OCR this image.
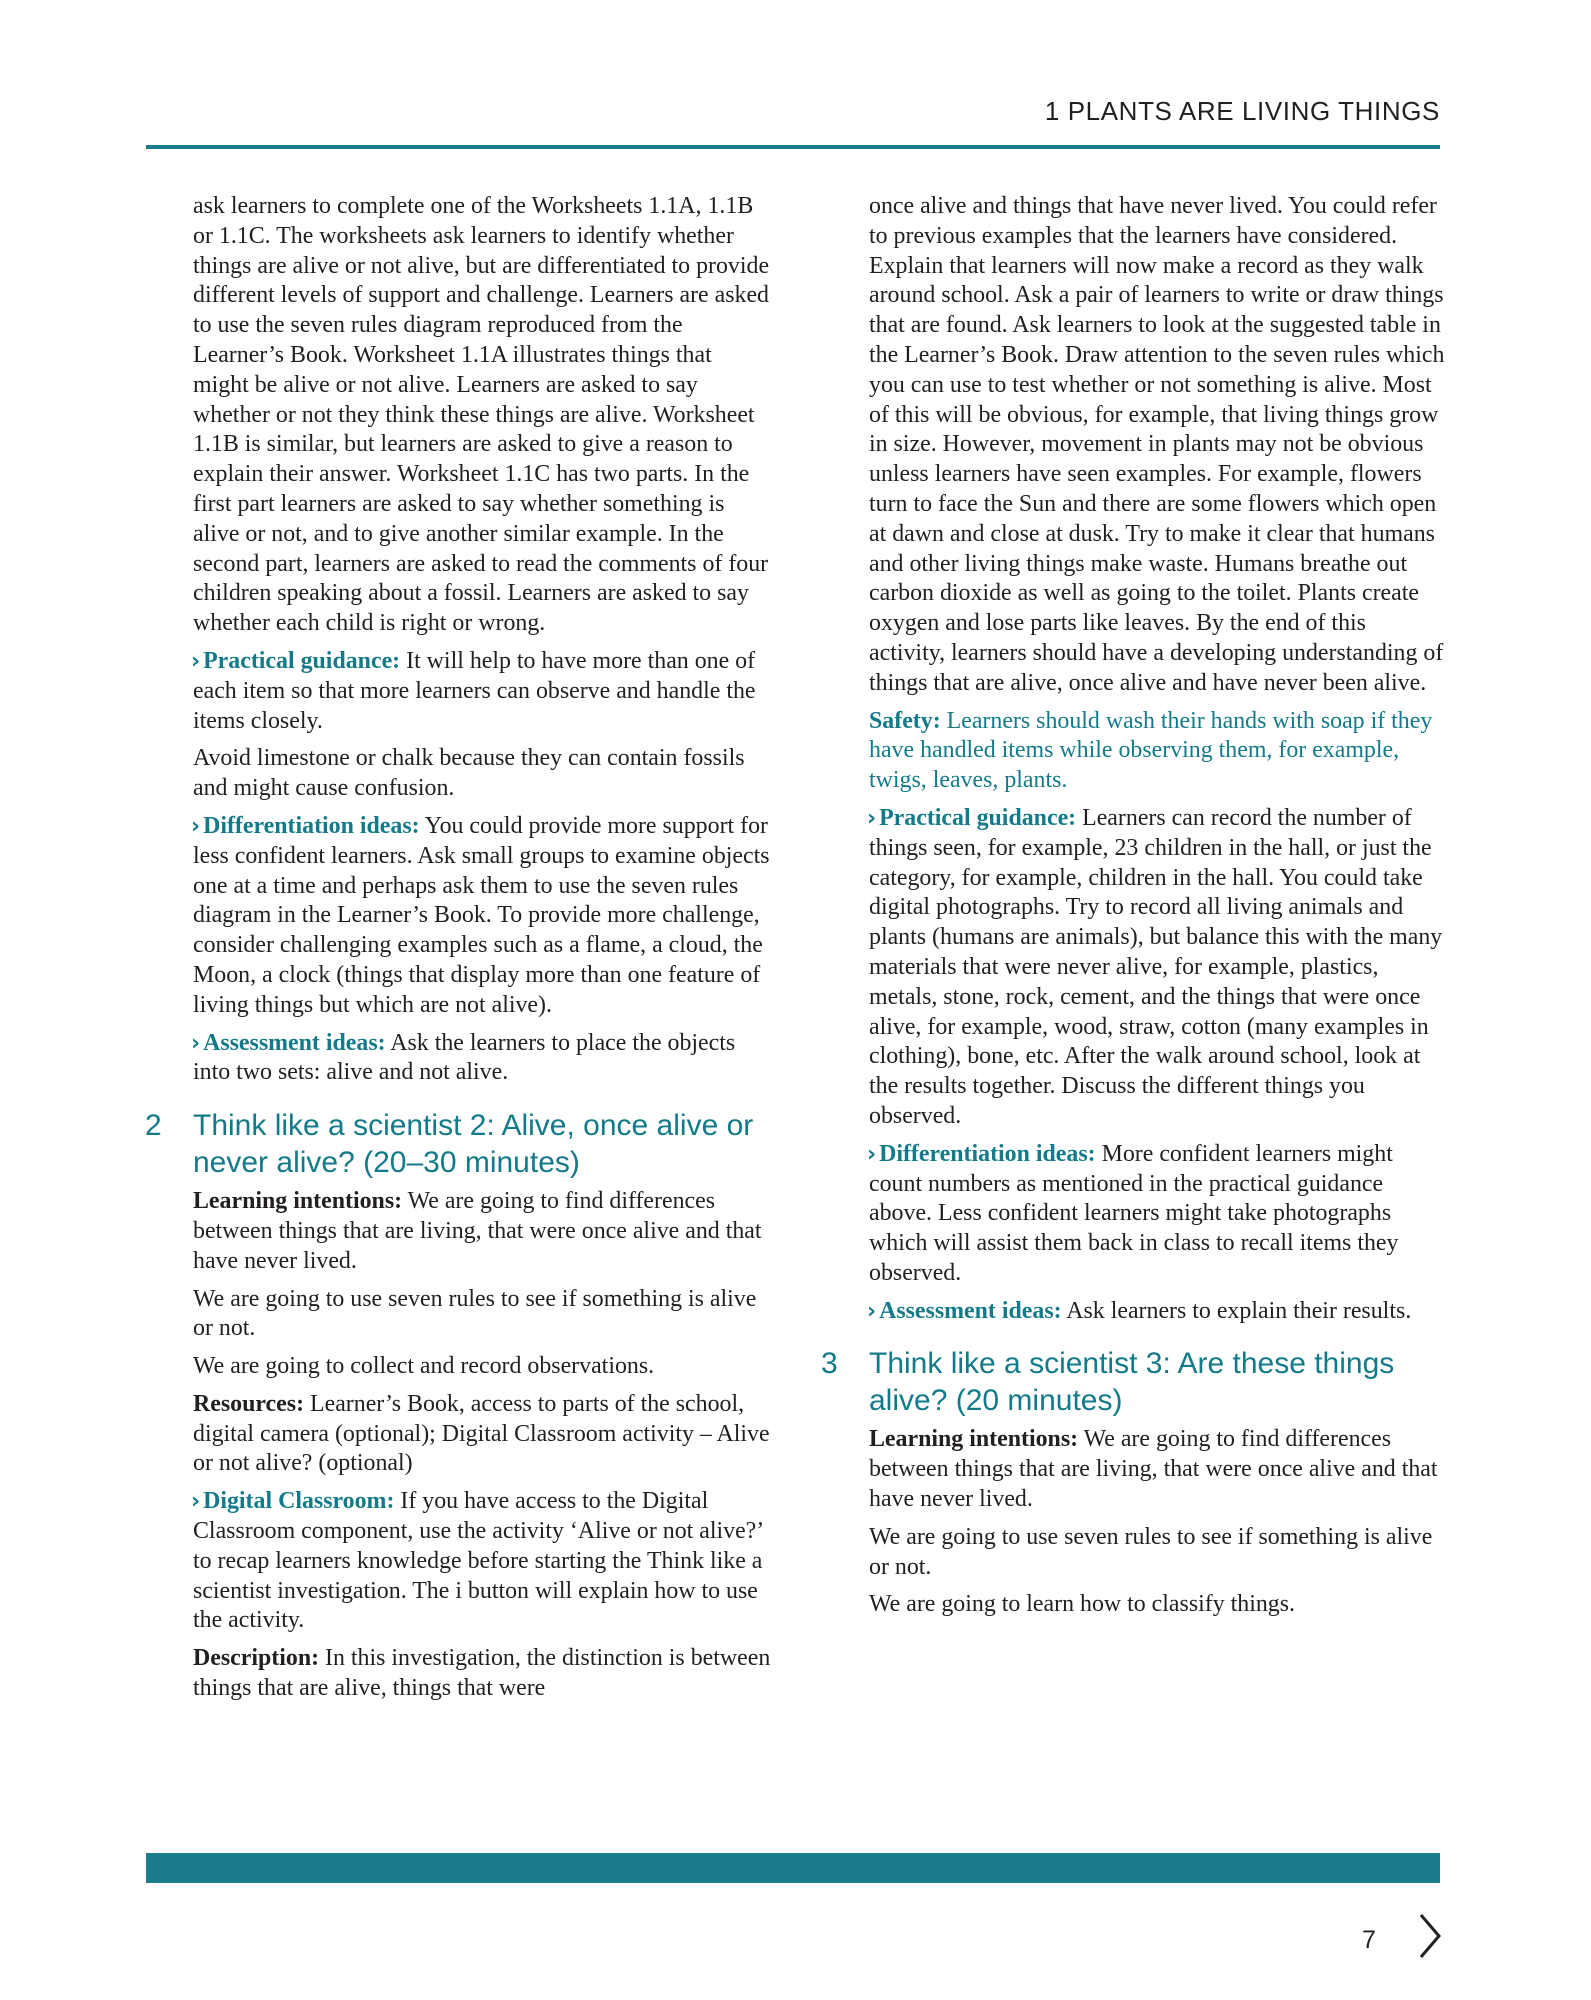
1 PLANTS ARE LIVING THINGS

ask learners to complete one of the Worksheets 1.1A, 1.1B or 1.1C. The worksheets ask learners to identify whether things are alive or not alive, but are differentiated to provide different levels of support and challenge. Learners are asked to use the seven rules diagram reproduced from the Learner’s Book. Worksheet 1.1A illustrates things that might be alive or not alive. Learners are asked to say whether or not they think these things are alive. Worksheet 1.1B is similar, but learners are asked to give a reason to explain their answer. Worksheet 1.1C has two parts. In the first part learners are asked to say whether something is alive or not, and to give another similar example. In the second part, learners are asked to read the comments of four children speaking about a fossil. Learners are asked to say whether each child is right or wrong.

› Practical guidance: It will help to have more than one of each item so that more learners can observe and handle the items closely.

Avoid limestone or chalk because they can contain fossils and might cause confusion.

› Differentiation ideas: You could provide more support for less confident learners. Ask small groups to examine objects one at a time and perhaps ask them to use the seven rules diagram in the Learner’s Book. To provide more challenge, consider challenging examples such as a flame, a cloud, the Moon, a clock (things that display more than one feature of living things but which are not alive).

› Assessment ideas: Ask the learners to place the objects into two sets: alive and not alive.

2 Think like a scientist 2: Alive, once alive or never alive? (20–30 minutes)

Learning intentions: We are going to find differences between things that are living, that were once alive and that have never lived.

We are going to use seven rules to see if something is alive or not.

We are going to collect and record observations.

Resources: Learner’s Book, access to parts of the school, digital camera (optional); Digital Classroom activity – Alive or not alive? (optional)

› Digital Classroom: If you have access to the Digital Classroom component, use the activity ‘Alive or not alive?’ to recap learners knowledge before starting the Think like a scientist investigation. The i button will explain how to use the activity.

Description: In this investigation, the distinction is between things that are alive, things that were

once alive and things that have never lived. You could refer to previous examples that the learners have considered. Explain that learners will now make a record as they walk around school. Ask a pair of learners to write or draw things that are found. Ask learners to look at the suggested table in the Learner’s Book. Draw attention to the seven rules which you can use to test whether or not something is alive. Most of this will be obvious, for example, that living things grow in size. However, movement in plants may not be obvious unless learners have seen examples. For example, flowers turn to face the Sun and there are some flowers which open at dawn and close at dusk. Try to make it clear that humans and other living things make waste. Humans breathe out carbon dioxide as well as going to the toilet. Plants create oxygen and lose parts like leaves. By the end of this activity, learners should have a developing understanding of things that are alive, once alive and have never been alive.

Safety: Learners should wash their hands with soap if they have handled items while observing them, for example, twigs, leaves, plants.

› Practical guidance: Learners can record the number of things seen, for example, 23 children in the hall, or just the category, for example, children in the hall. You could take digital photographs. Try to record all living animals and plants (humans are animals), but balance this with the many materials that were never alive, for example, plastics, metals, stone, rock, cement, and the things that were once alive, for example, wood, straw, cotton (many examples in clothing), bone, etc. After the walk around school, look at the results together. Discuss the different things you observed.

› Differentiation ideas: More confident learners might count numbers as mentioned in the practical guidance above. Less confident learners might take photographs which will assist them back in class to recall items they observed.

› Assessment ideas: Ask learners to explain their results.

3 Think like a scientist 3: Are these things alive? (20 minutes)

Learning intentions: We are going to find differences between things that are living, that were once alive and that have never lived.

We are going to use seven rules to see if something is alive or not.

We are going to learn how to classify things.

7
